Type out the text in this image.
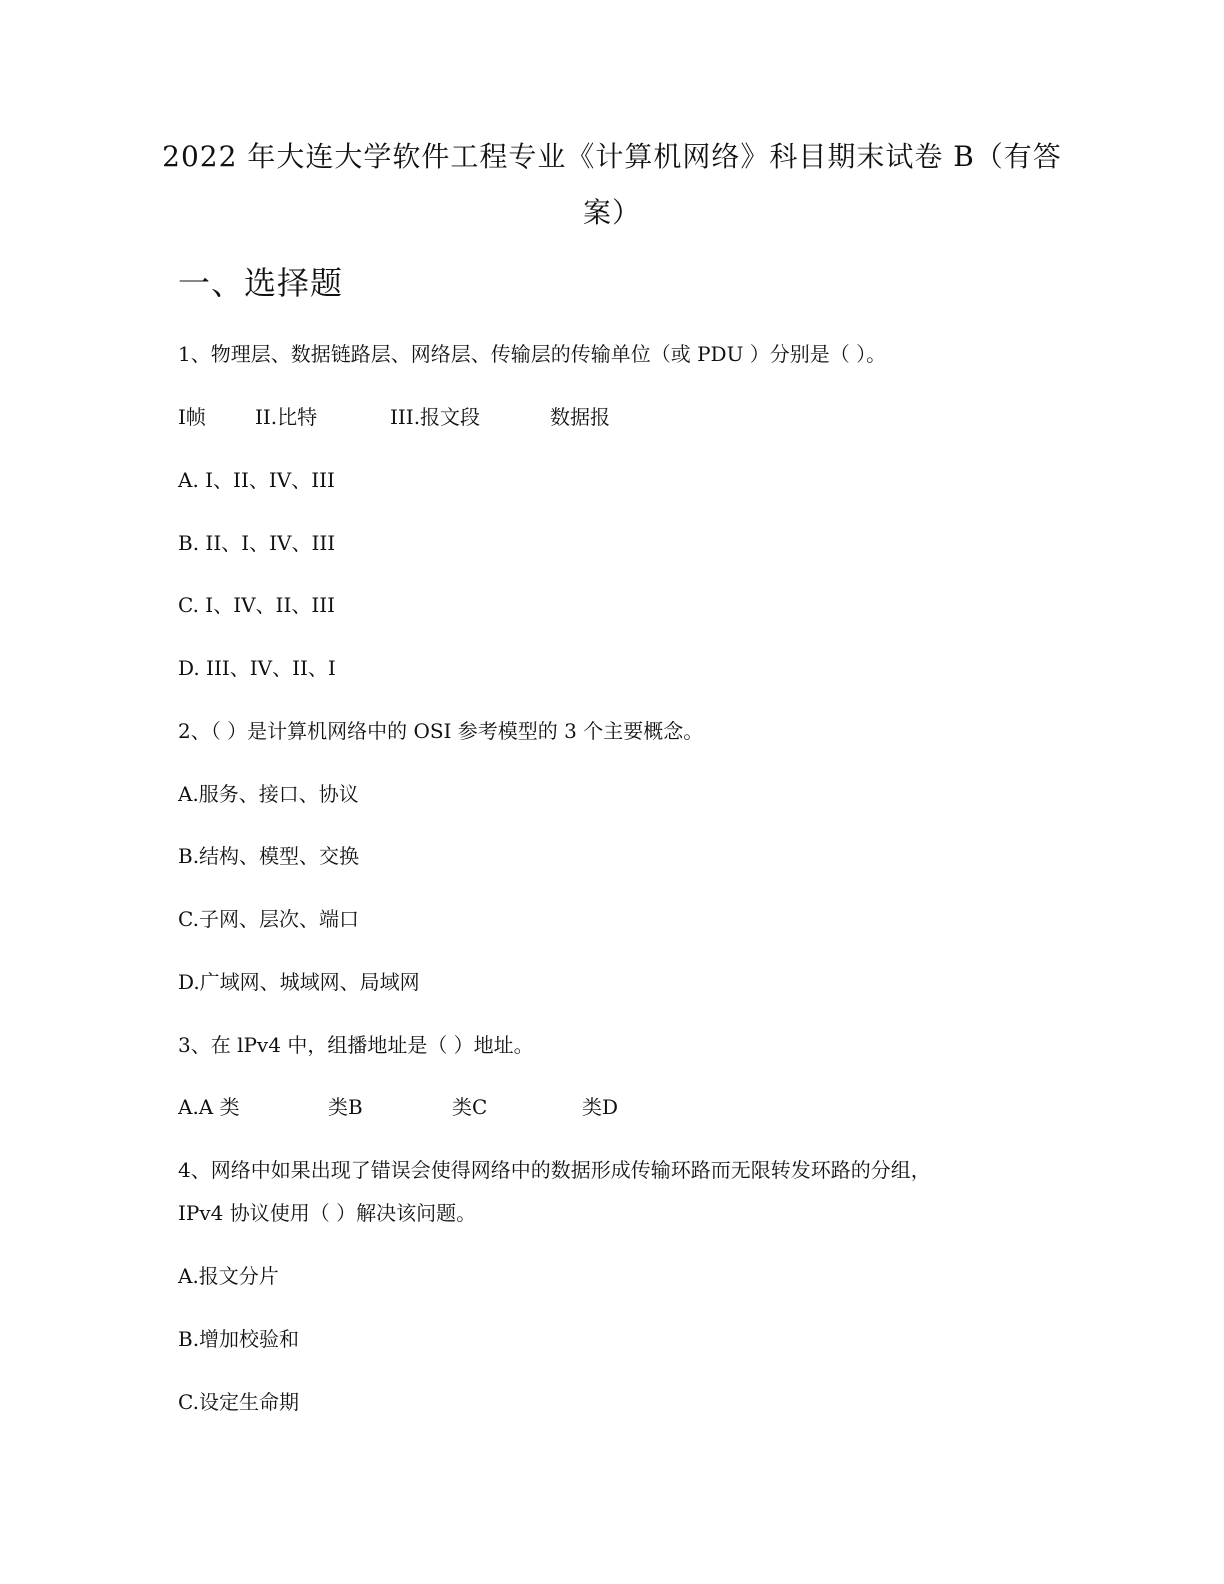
2022 年大连大学软件工程专业《计算机网络》科目期末试卷 B（有答
案）
一、选择题
1、物理层、数据链路层、网络层、传输层的传输单位（或 PDU ）分别是（ ）。
I帧 II.比特	III.报文段	数据报
A. I、II、IV、III
B. II、I、IV、III
C. I、IV、II、III
D. III、IV、II、I
2、（ ）是计算机网络中的 OSI 参考模型的 3 个主要概念。
A.服务、接口、协议
B.结构、模型、交换
C.子网、层次、端口
D.广域网、城域网、局域网
3、在 lPv4 中，组播地址是（ ）地址。
A.A 类	类B	类C	类D
4、网络中如果出现了错误会使得网络中的数据形成传输环路而无限转发环路的分组，
IPv4 协议使用（ ）解决该问题。
A.报文分片
B.增加校验和
C.设定生命期
